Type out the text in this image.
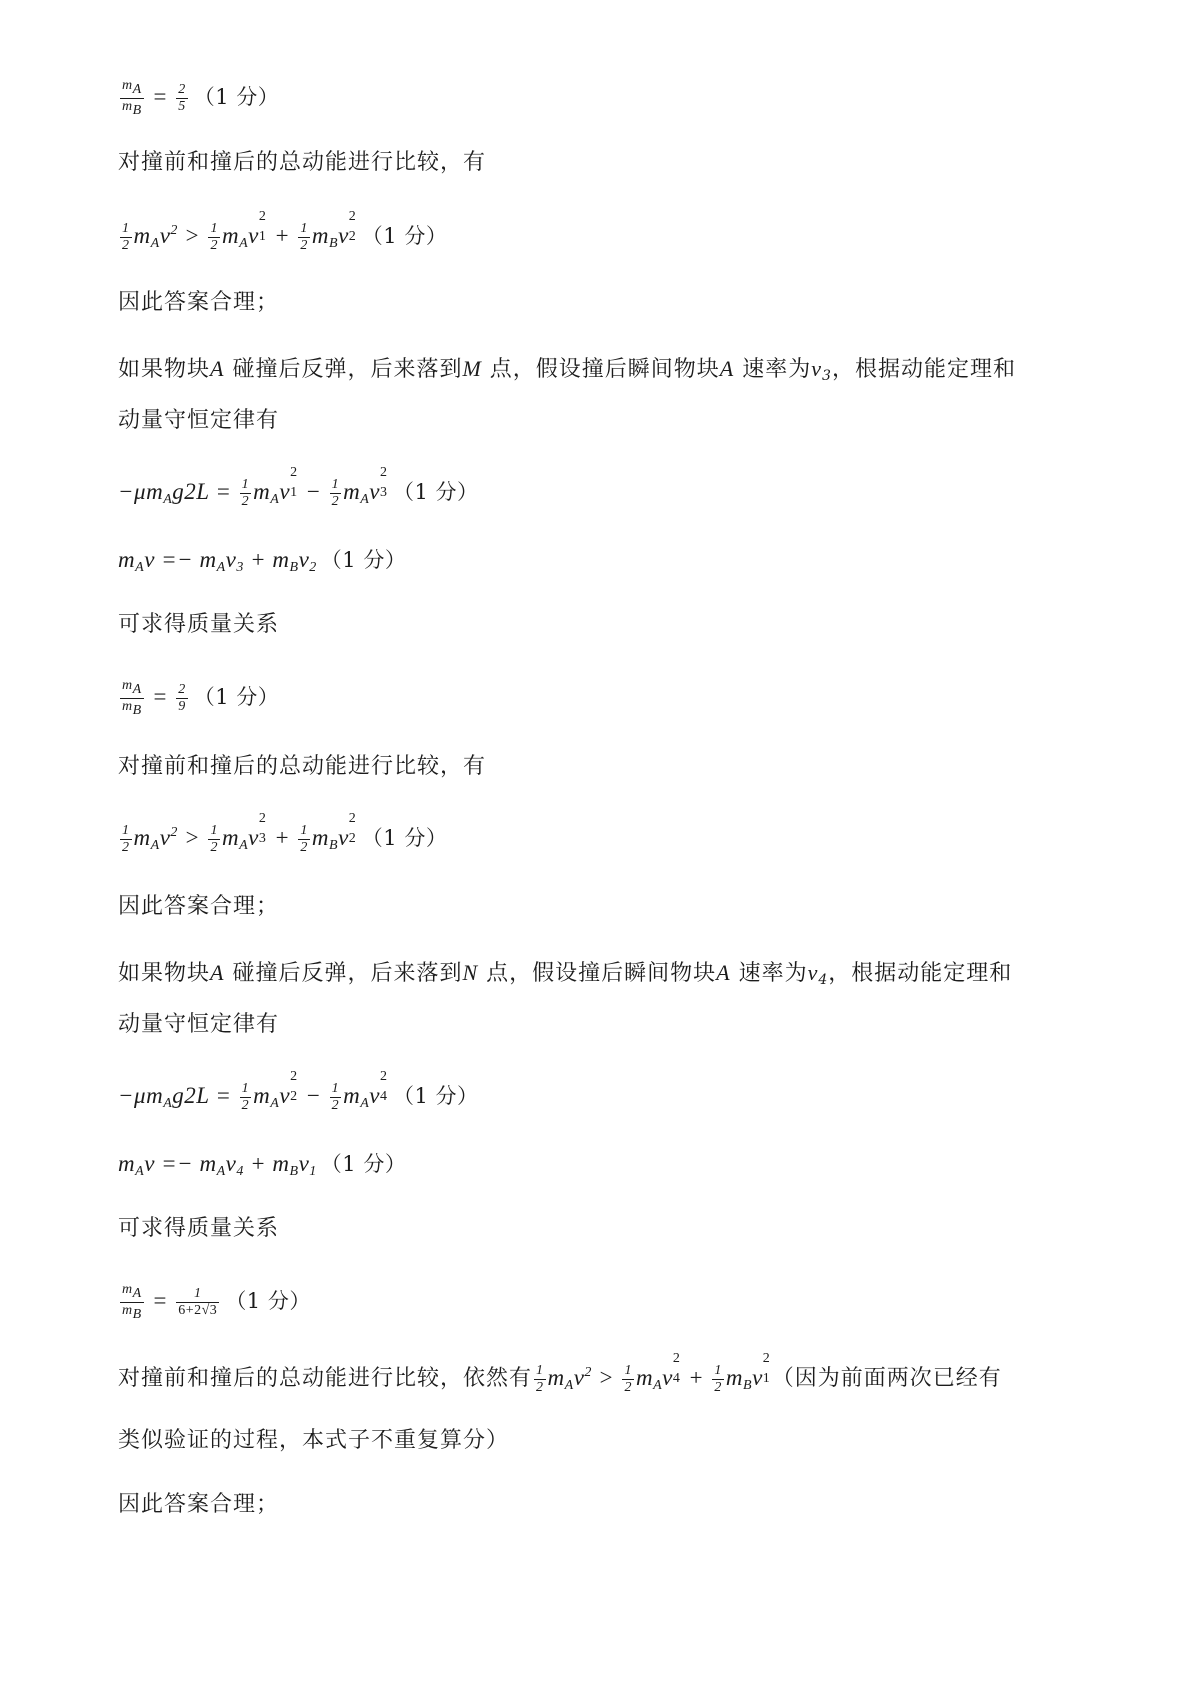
$\frac{m_A}{m_B} = \frac{2}{5} (1$ 分）
对撞前和撞后的总动能进行比较，有
$\frac{1}{2} m_Av^2 > \frac{1}{2} m_Av$
2
$1 + \frac{1}{2} m_Bv$
2
2 （1 分）
因此答案合理；
如果物块A 碰撞后反弹，后来落到M 点，假设撞后瞬间物块A 速率为$v_3$，根据动能定理和
动量守恒定律有
$-\mu m_Ag2L = \frac{1}{2} m_Av$
2
$1 - \frac{1}{2} m_Av$
2
3 （1 分）
$m_Av =- m_Av_3 + m_Bv_2$ （1 分）
可求得质量关系
$\frac{m_A}{m_B} = \frac{2}{9} (1$ 分）
对撞前和撞后的总动能进行比较，有
$\frac{1}{2} m_Av^2 > \frac{1}{2} m_Av$
2
$3 + \frac{1}{2} m_Bv$
2
2 （1 分）
因此答案合理；
如果物块A 碰撞后反弹，后来落到N 点，假设撞后瞬间物块A 速率为$v_4$，根据动能定理和
动量守恒定律有
$-\mu m_Ag2L = \frac{1}{2} m_Av$
2
$2 - \frac{1}{2} m_Av$
2
4 （1 分）
$m_Av =- m_Av_4 + m_Bv_1$ （1 分）
可求得质量关系
$\frac{m_A}{m_B} = \frac{1}{6+2√3} (1$ 分）
对撞前和撞后的总动能进行比较，依然有 $\frac{1}{2} m_Av^2 > \frac{1}{2} m_Av$
2
$4 + \frac{1}{2} m_Bv$
2
1 （因为前面两次已经有
类似验证的过程，本式子不重复算分）
因此答案合理；
